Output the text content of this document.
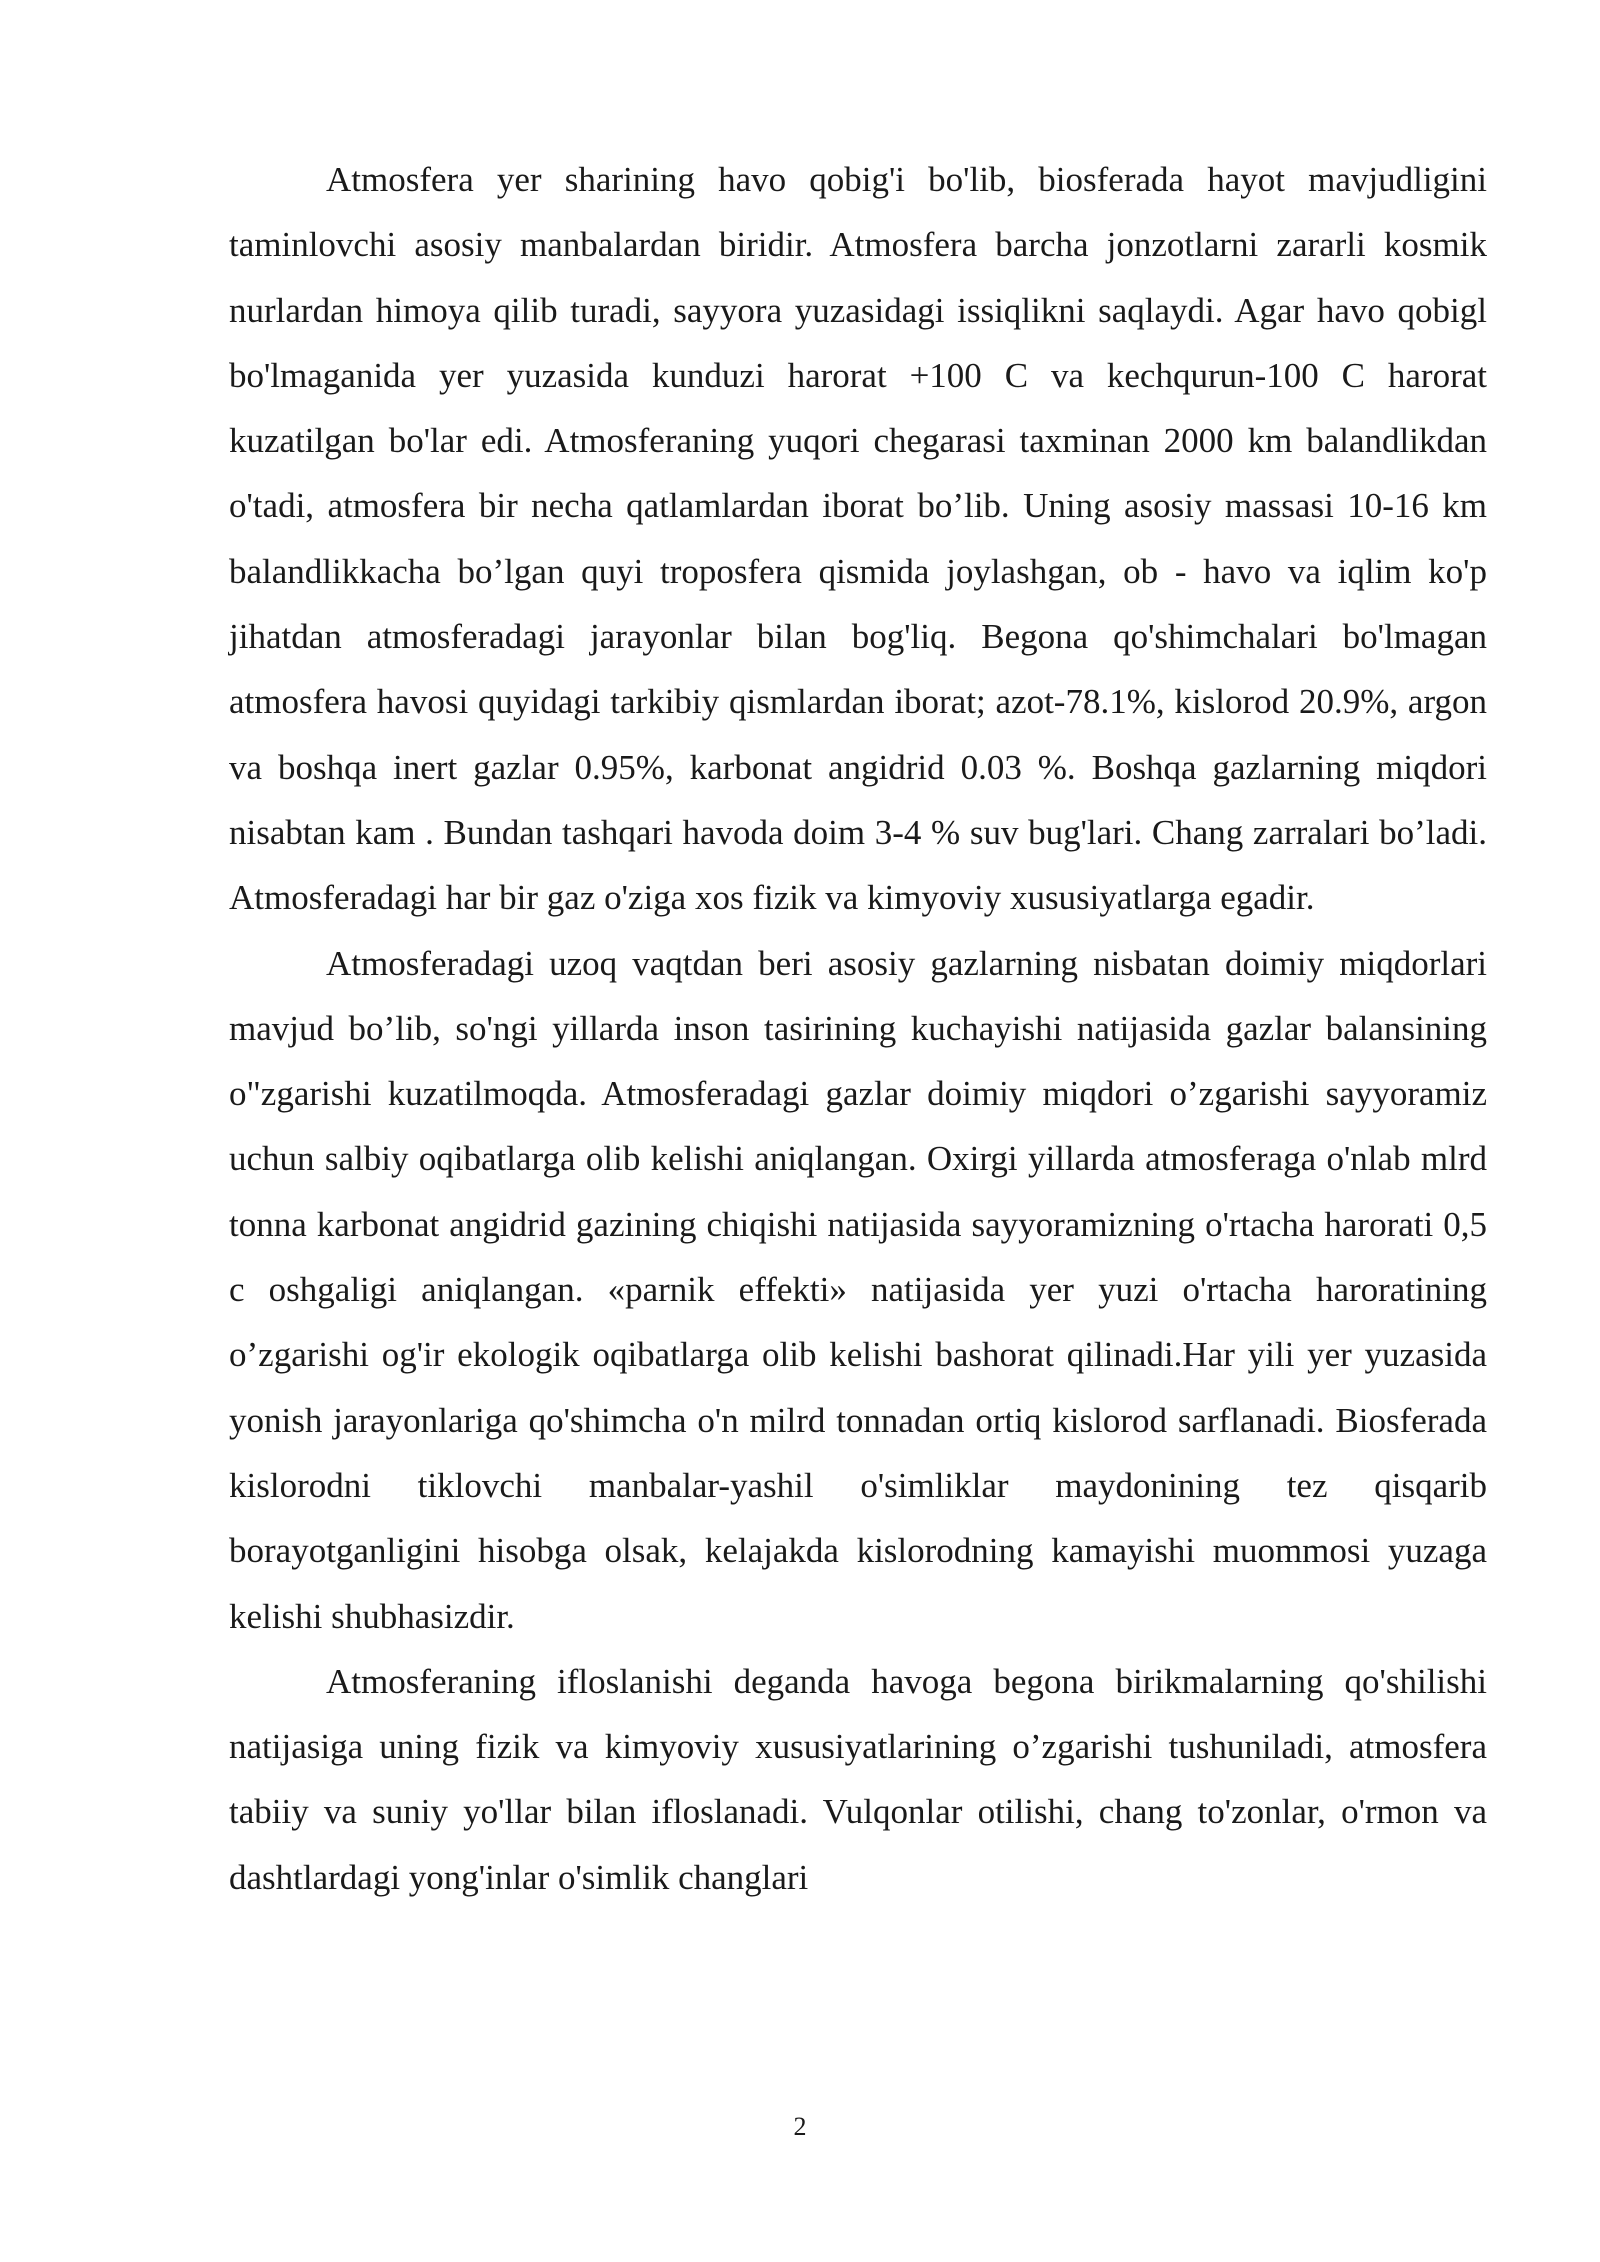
Atmosfera yer sharining havo qobig'i bo'lib, biosferada hayot mavjudligini taminlovchi asosiy manbalardan biridir. Atmosfera barcha jonzotlarni zararli kosmik nurlardan himoya qilib turadi, sayyora yuzasidagi issiqlikni saqlaydi. Agar havo qobigl bo'lmaganida yer yuzasida kunduzi harorat +100 C va kechqurun-100 C harorat kuzatilgan bo'lar edi. Atmosferaning yuqori chegarasi taxminan 2000 km balandlikdan o'tadi, atmosfera bir necha qatlamlardan iborat bo’lib. Uning asosiy massasi 10-16 km balandlikkacha bo’lgan quyi troposfera qismida joylashgan, ob - havo va iqlim ko'p jihatdan atmosferadagi jarayonlar bilan bog'liq. Begona qo'shimchalari bo'lmagan atmosfera havosi quyidagi tarkibiy qismlardan iborat; azot-78.1%, kislorod 20.9%, argon va boshqa inert gazlar 0.95%, karbonat angidrid 0.03 %. Boshqa gazlarning miqdori nisabtan kam . Bundan tashqari havoda doim 3-4 % suv bug'lari. Chang zarralari bo’ladi. Atmosferadagi har bir gaz o'ziga xos fizik va kimyoviy xususiyatlarga egadir.

Atmosferadagi uzoq vaqtdan beri asosiy gazlarning nisbatan doimiy miqdorlari mavjud bo’lib, so'ngi yillarda inson tasirining kuchayishi natijasida gazlar balansining o"zgarishi kuzatilmoqda. Atmosferadagi gazlar doimiy miqdori o’zgarishi sayyoramiz uchun salbiy oqibatlarga olib kelishi aniqlangan. Oxirgi yillarda atmosferaga o'nlab mlrd tonna karbonat angidrid gazining chiqishi natijasida sayyoramizning o'rtacha harorati 0,5 c oshgaligi aniqlangan. «parnik effekti» natijasida yer yuzi o'rtacha haroratining o’zgarishi og'ir ekologik oqibatlarga olib kelishi bashorat qilinadi.Har yili yer yuzasida yonish jarayonlariga qo'shimcha o'n milrd tonnadan ortiq kislorod sarflanadi. Biosferada kislorodni tiklovchi manbalar-yashil o'simliklar maydonining tez qisqarib borayotganligini hisobga olsak, kelajakda kislorodning kamayishi muommosi yuzaga kelishi shubhasizdir.

Atmosferaning ifloslanishi deganda havoga begona birikmalarning qo'shilishi natijasiga uning fizik va kimyoviy xususiyatlarining o’zgarishi tushuniladi, atmosfera tabiiy va suniy yo'llar bilan ifloslanadi. Vulqonlar otilishi, chang to'zonlar, o'rmon va dashtlardagi yong'inlar o'simlik changlari

2
